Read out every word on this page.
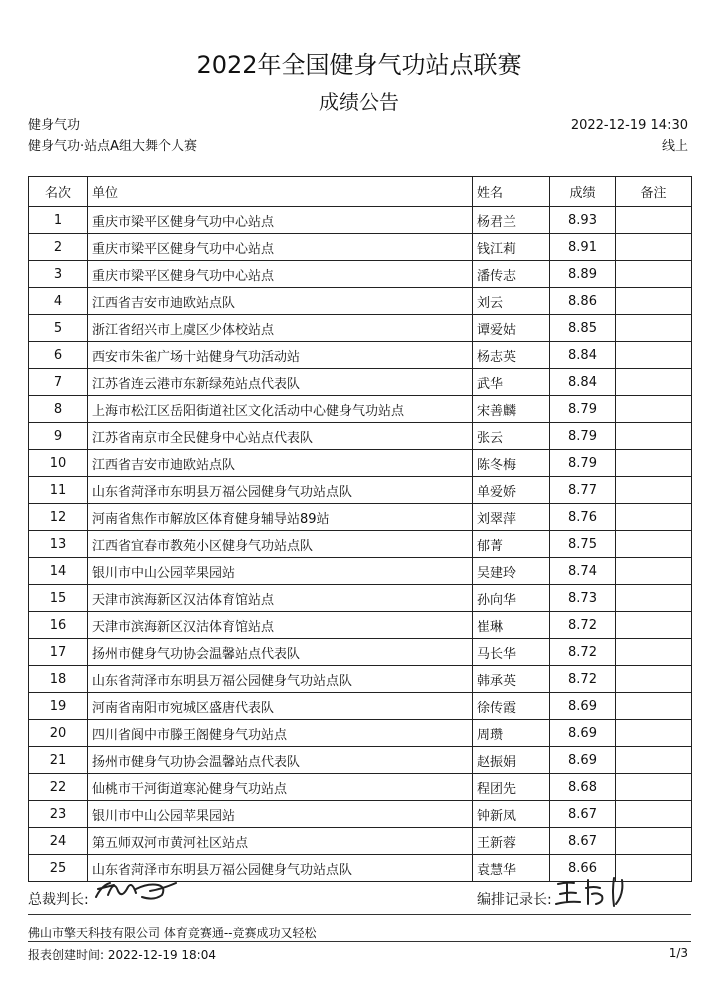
2022年全国健身气功站点联赛
成绩公告
健身气功	2022-12-19 14:30
健身气功·站点A组大舞个人赛	线上
名次	单位	姓名	成绩	备注
1	重庆市梁平区健身气功中心站点	杨君兰	8.93	
2	重庆市梁平区健身气功中心站点	钱江莉	8.91	
3	重庆市梁平区健身气功中心站点	潘传志	8.89	
4	江西省吉安市迪欧站点队	刘云	8.86	
5	浙江省绍兴市上虞区少体校站点	谭爱姑	8.85	
6	西安市朱雀广场十站健身气功活动站	杨志英	8.84	
7	江苏省连云港市东新绿苑站点代表队	武华	8.84	
8	上海市松江区岳阳街道社区文化活动中心健身气功站点	宋善麟	8.79	
9	江苏省南京市全民健身中心站点代表队	张云	8.79	
10	江西省吉安市迪欧站点队	陈冬梅	8.79	
11	山东省菏泽市东明县万福公园健身气功站点队	单爱娇	8.77	
12	河南省焦作市解放区体育健身辅导站89站	刘翠萍	8.76	
13	江西省宜春市教苑小区健身气功站点队	郁菁	8.75	
14	银川市中山公园苹果园站	吴建玲	8.74	
15	天津市滨海新区汉沽体育馆站点	孙向华	8.73	
16	天津市滨海新区汉沽体育馆站点	崔琳	8.72	
17	扬州市健身气功协会温馨站点代表队	马长华	8.72	
18	山东省菏泽市东明县万福公园健身气功站点队	韩承英	8.72	
19	河南省南阳市宛城区盛唐代表队	徐传霞	8.69	
20	四川省阆中市滕王阁健身气功站点	周瓒	8.69	
21	扬州市健身气功协会温馨站点代表队	赵振娟	8.69	
22	仙桃市干河街道寒沁健身气功站点	程团先	8.68	
23	银川市中山公园苹果园站	钟新凤	8.67	
24	第五师双河市黄河社区站点	王新蓉	8.67	
25	山东省菏泽市东明县万福公园健身气功站点队	袁慧华	8.66	
总裁判长:	编排记录长:
佛山市擎天科技有限公司 体育竞赛通--竞赛成功又轻松
报表创建时间: 2022-12-19 18:04	1/3
